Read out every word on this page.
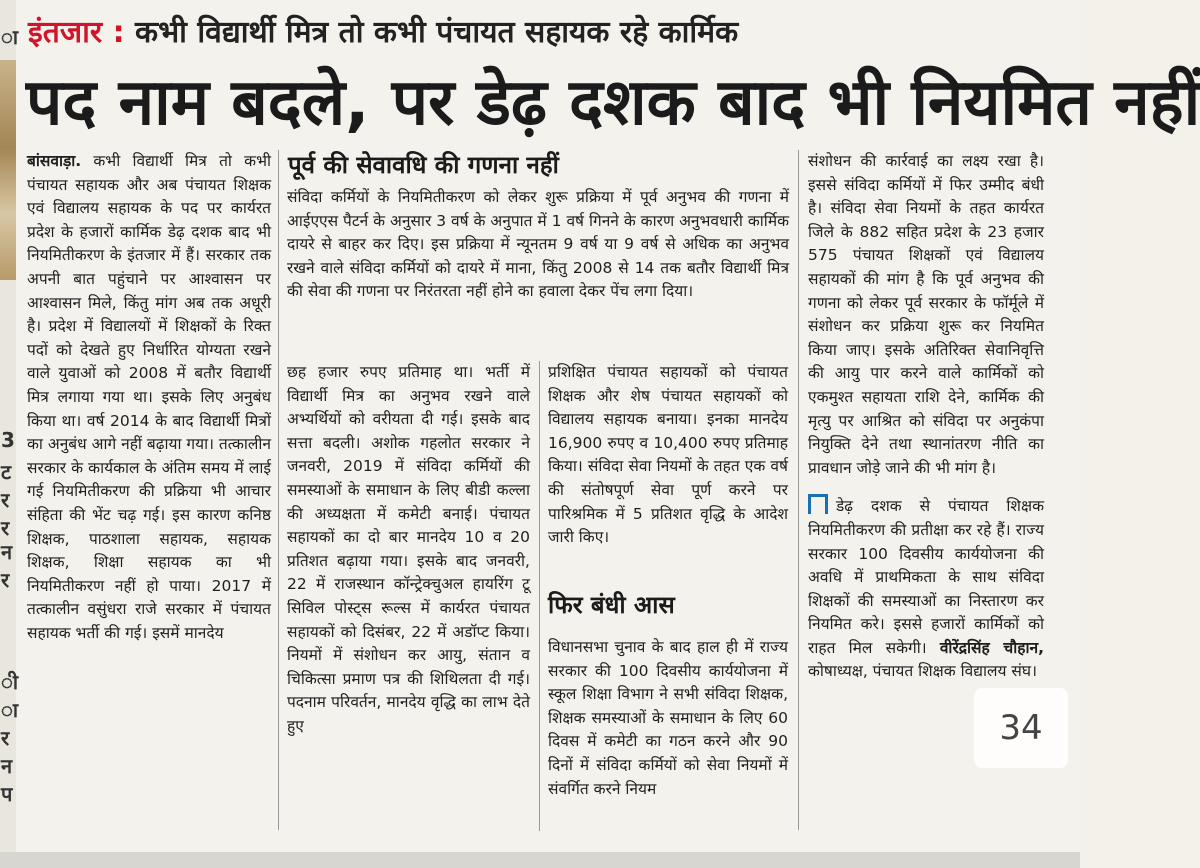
ा
3
ट
र
र
न
र
ी
ा
र
न
प
इंतजार : कभी विद्यार्थी मित्र तो कभी पंचायत सहायक रहे कार्मिक
पद नाम बदले, पर डेढ़ दशक बाद भी नियमित नहीं

बांसवाड़ा. कभी विद्यार्थी मित्र तो कभी पंचायत सहायक और अब पंचायत शिक्षक एवं विद्यालय सहायक के पद पर कार्यरत प्रदेश के हजारों कार्मिक डेढ़ दशक बाद भी नियमितीकरण के इंतजार में हैं। सरकार तक अपनी बात पहुंचाने पर आश्वासन पर आश्वासन मिले, किंतु मांग अब तक अधूरी है। प्रदेश में विद्यालयों में शिक्षकों के रिक्त पदों को देखते हुए निर्धारित योग्यता रखने वाले युवाओं को 2008 में बतौर विद्यार्थी मित्र लगाया गया था। इसके लिए अनुबंध किया था। वर्ष 2014 के बाद विद्यार्थी मित्रों का अनुबंध आगे नहीं बढ़ाया गया। तत्कालीन सरकार के कार्यकाल के अंतिम समय में लाई गई नियमितीकरण की प्रक्रिया भी आचार संहिता की भेंट चढ़ गई। इस कारण कनिष्ठ शिक्षक, पाठशाला सहायक, सहायक शिक्षक, शिक्षा सहायक का भी नियमितीकरण नहीं हो पाया। 2017 में तत्कालीन वसुंधरा राजे सरकार में पंचायत सहायक भर्ती की गई। इसमें मानदेय

पूर्व की सेवावधि की गणना नहीं

संविदा कर्मियों के नियमितीकरण को लेकर शुरू प्रक्रिया में पूर्व अनुभव की गणना में आईएएस पैटर्न के अनुसार 3 वर्ष के अनुपात में 1 वर्ष गिनने के कारण अनुभवधारी कार्मिक दायरे से बाहर कर दिए। इस प्रक्रिया में न्यूनतम 9 वर्ष या 9 वर्ष से अधिक का अनुभव रखने वाले संविदा कर्मियों को दायरे में माना, किंतु 2008 से 14 तक बतौर विद्यार्थी मित्र की सेवा की गणना पर निरंतरता नहीं होने का हवाला देकर पेंच लगा दिया।

छह हजार रुपए प्रतिमाह था। भर्ती में विद्यार्थी मित्र का अनुभव रखने वाले अभ्यर्थियों को वरीयता दी गई। इसके बाद सत्ता बदली। अशोक गहलोत सरकार ने जनवरी, 2019 में संविदा कर्मियों की समस्याओं के समाधान के लिए बीडी कल्ला की अध्यक्षता में कमेटी बनाई। पंचायत सहायकों का दो बार मानदेय 10 व 20 प्रतिशत बढ़ाया गया। इसके बाद जनवरी, 22 में राजस्थान कॉन्ट्रेक्चुअल हायरिंग टू सिविल पोस्ट्स रूल्स में कार्यरत पंचायत सहायकों को दिसंबर, 22 में अडॉप्ट किया। नियमों में संशोधन कर आयु, संतान व चिकित्सा प्रमाण पत्र की शिथिलता दी गई। पदनाम परिवर्तन, मानदेय वृद्धि का लाभ देते हुए

प्रशिक्षित पंचायत सहायकों को पंचायत शिक्षक और शेष पंचायत सहायकों को विद्यालय सहायक बनाया। इनका मानदेय 16,900 रुपए व 10,400 रुपए प्रतिमाह किया। संविदा सेवा नियमों के तहत एक वर्ष की संतोषपूर्ण सेवा पूर्ण करने पर पारिश्रमिक में 5 प्रतिशत वृद्धि के आदेश जारी किए।

फिर बंधी आस

विधानसभा चुनाव के बाद हाल ही में राज्य सरकार की 100 दिवसीय कार्ययोजना में स्कूल शिक्षा विभाग ने सभी संविदा शिक्षक, शिक्षक समस्याओं के समाधान के लिए 60 दिवस में कमेटी का गठन करने और 90 दिनों में संविदा कर्मियों को सेवा नियमों में संवर्गित करने नियम

संशोधन की कार्रवाई का लक्ष्य रखा है। इससे संविदा कर्मियों में फिर उम्मीद बंधी है। संविदा सेवा नियमों के तहत कार्यरत जिले के 882 सहित प्रदेश के 23 हजार 575 पंचायत शिक्षकों एवं विद्यालय सहायकों की मांग है कि पूर्व अनुभव की गणना को लेकर पूर्व सरकार के फॉर्मूले में संशोधन कर प्रक्रिया शुरू कर नियमित किया जाए। इसके अतिरिक्त सेवानिवृत्ति की आयु पार करने वाले कार्मिकों को एकमुश्त सहायता राशि देने, कार्मिक की मृत्यु पर आश्रित को संविदा पर अनुकंपा नियुक्ति देने तथा स्थानांतरण नीति का प्रावधान जोड़े जाने की भी मांग है।

डेढ़ दशक से पंचायत शिक्षक नियमितीकरण की प्रतीक्षा कर रहे हैं। राज्य सरकार 100 दिवसीय कार्ययोजना की अवधि में प्राथमिकता के साथ संविदा शिक्षकों की समस्याओं का निस्तारण कर नियमित करे। इससे हजारों कार्मिकों को राहत मिल सकेगी। वीरेंद्रसिंह चौहान, कोषाध्यक्ष, पंचायत शिक्षक विद्यालय संघ।

34
